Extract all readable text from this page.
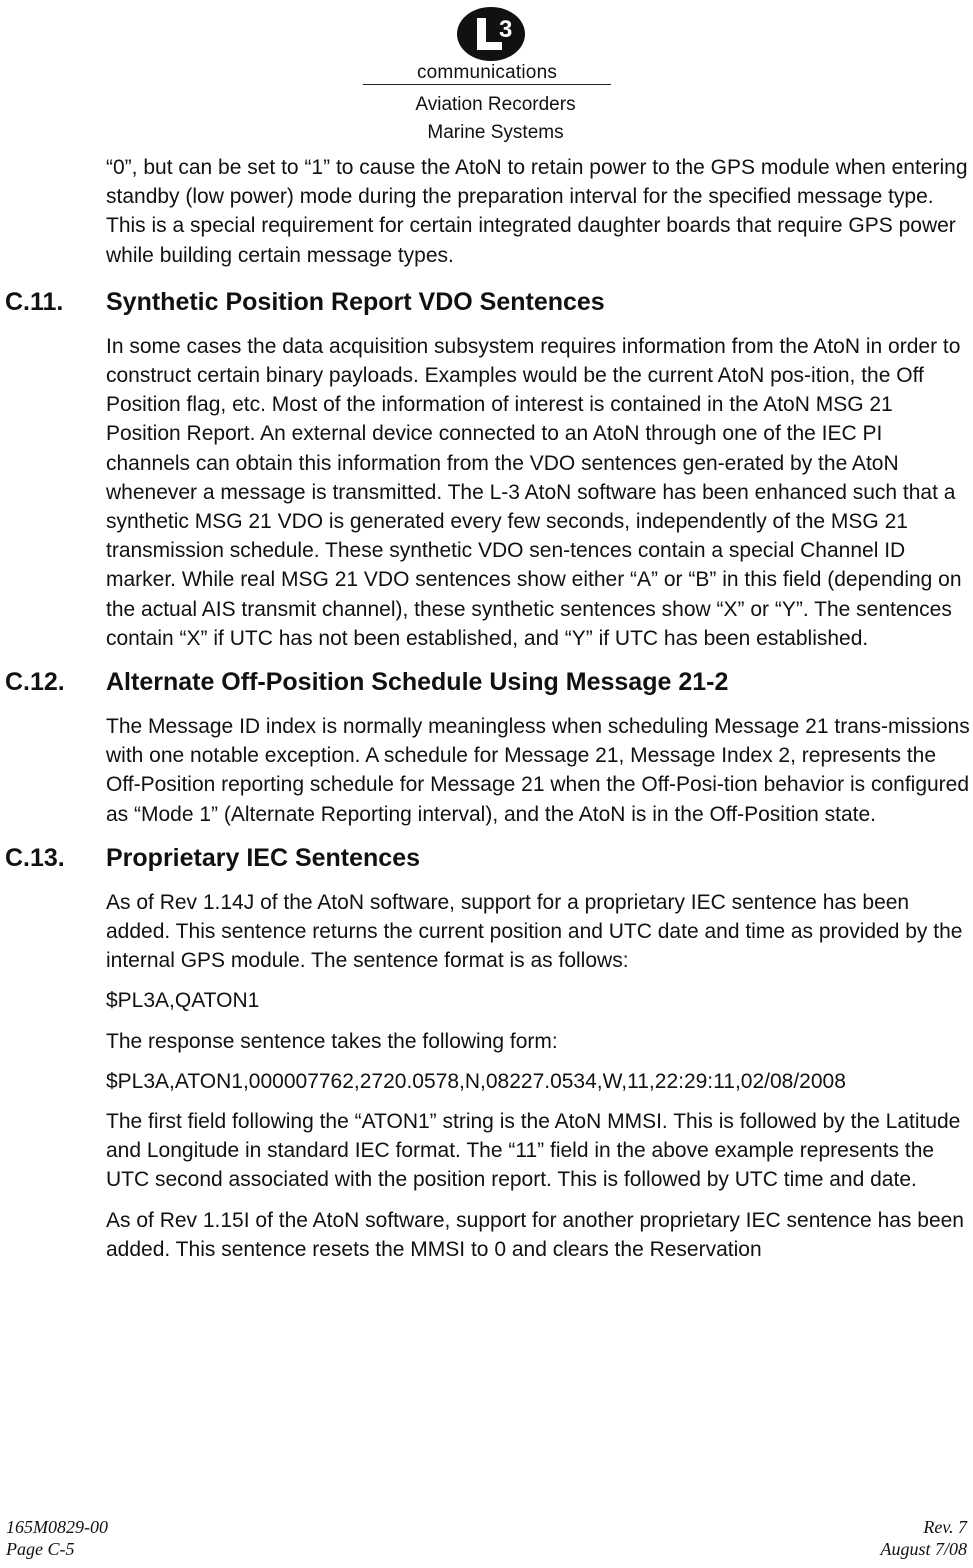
3
communications
Aviation Recorders
Marine Systems

“0”, but can be set to “1” to cause the AtoN to retain power to the GPS module when entering standby (low power) mode during the preparation interval for the specified message type. This is a special requirement for certain integrated daughter boards that require GPS power while building certain message types.

C.11. Synthetic Position Report VDO Sentences

In some cases the data acquisition subsystem requires information from the AtoN in order to construct certain binary payloads. Examples would be the current AtoN pos-ition, the Off Position flag, etc. Most of the information of interest is contained in the AtoN MSG 21 Position Report. An external device connected to an AtoN through one of the IEC PI channels can obtain this information from the VDO sentences gen-erated by the AtoN whenever a message is transmitted. The L-3 AtoN software has been enhanced such that a synthetic MSG 21 VDO is generated every few seconds, independently of the MSG 21 transmission schedule. These synthetic VDO sen-tences contain a special Channel ID marker. While real MSG 21 VDO sentences show either “A” or “B” in this field (depending on the actual AIS transmit channel), these synthetic sentences show “X” or “Y”. The sentences contain “X” if UTC has not been established, and “Y” if UTC has been established.

C.12. Alternate Off-Position Schedule Using Message 21-2

The Message ID index is normally meaningless when scheduling Message 21 trans-missions with one notable exception. A schedule for Message 21, Message Index 2, represents the Off-Position reporting schedule for Message 21 when the Off-Posi-tion behavior is configured as “Mode 1” (Alternate Reporting interval), and the AtoN is in the Off-Position state.

C.13. Proprietary IEC Sentences

As of Rev 1.14J of the AtoN software, support for a proprietary IEC sentence has been added. This sentence returns the current position and UTC date and time as provided by the internal GPS module. The sentence format is as follows:

$PL3A,QATON1

The response sentence takes the following form:

$PL3A,ATON1,000007762,2720.0578,N,08227.0534,W,11,22:29:11,02/08/2008

The first field following the “ATON1” string is the AtoN MMSI. This is followed by the Latitude and Longitude in standard IEC format. The “11” field in the above example represents the UTC second associated with the position report. This is followed by UTC time and date.

As of Rev 1.15I of the AtoN software, support for another proprietary IEC sentence has been added. This sentence resets the MMSI to 0 and clears the Reservation

165M0829-00
Page C-5
Rev. 7
August 7/08
